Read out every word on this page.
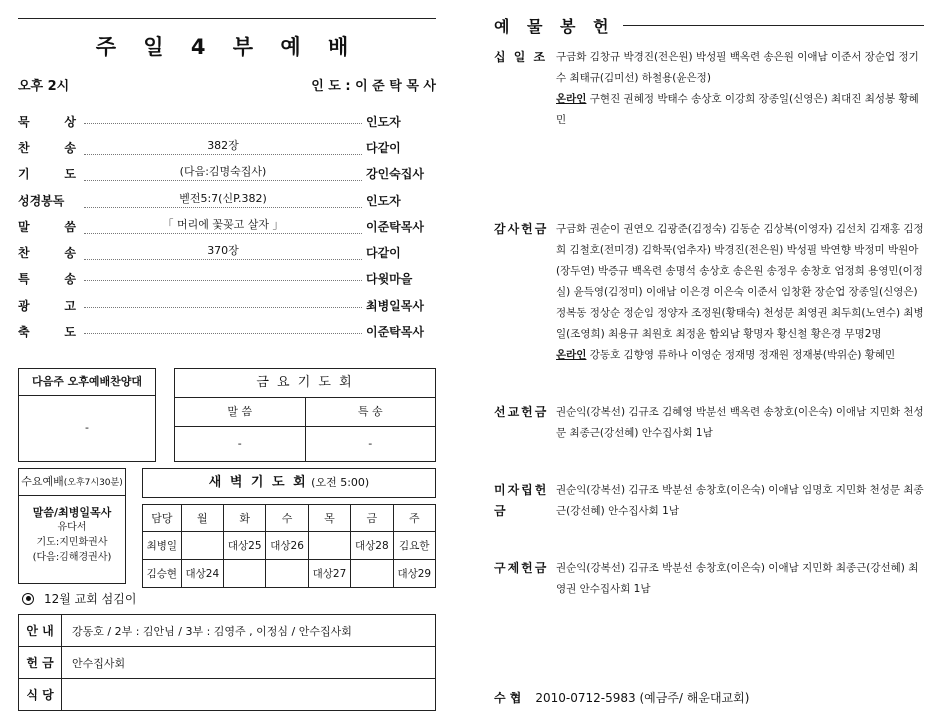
주 일 4 부 예 배
오후 2시	인 도 : 이 준 탁 목 사
묵	상	인도자
찬	송	382장	다같이
기	도	(다음:김명숙집사)	강인숙집사
성경봉독	벧전5:7(신P.382)	인도자
말	씀	「 머리에 꽃꽂고 살자 」	이준탁목사
찬	송	370장	다같이
특	송	다윗마을
광	고	최병일목사
축	도	이준탁목사
다음주 오후예배찬양대
-
금 요 기 도 회
말 씀	특 송
-	-
수요예배(오후7시30분)
말씀/최병일목사
유다서
기도:지민화권사
(다음:김해경권사)
새 벽 기 도 회 (오전 5:00)
담당	월	화	수	목	금	주
최병일		대상25	대상26		대상28	김요한
김승현	대상24			대상27		대상29
12월 교회 섬김이
안 내	강동호 / 2부 : 김안님 / 3부 : 김영주 , 이정심 / 안수집사회
헌 금	안수집사회
식 당	
예 물 봉 헌
십 일 조 구금화 김창규 박경진(전은원) 박성필 백옥련 송은원 이애남 이준서 장순업 정기수 최태규(김미선) 하철용(윤은정)
온라인 구현진 권혜정 박태수 송상호 이강희 장종일(신영은) 최대진 최성봉 황혜민
감사헌금 구금화 권순이 권연오 김광준(김정숙) 김동순 김상복(이영자) 김선치 김재홍 김정희 김철호(전미경) 김학묵(엄추자) 박경진(전은원) 박성필 박연향 박정미 박원아(장두연) 박증규 백옥련 송명석 송상호 송은원 송정우 송창호 엄정희 용영민(이정실) 윤득영(김정미) 이애남 이은경 이은숙 이준서 임창환 장순업 장종일(신영은) 정복동 정상순 정순임 정양자 조정원(황태숙) 천성문 최영권 최두희(노연수) 최병일(조영희) 최용규 최원호 최정윤 함외남 황명자 황신철 황은경 무명2명
온라인 강동호 김향영 류하나 이영순 정재명 정재원 정재봉(박위순) 황혜민
선교헌금 권순익(강복선) 김규조 김혜영 박분선 백옥련 송창호(이은숙) 이애남 지민화 천성문 최종근(강선혜) 안수집사회 1남
미자립헌금
권순익(강복선) 김규조 박분선 송창호(이은숙) 이애남 임명호 지민화 천성문 최종근(강선혜) 안수집사회 1남
구제헌금 권순익(강복선) 김규조 박분선 송창호(이은숙) 이애남 지민화 최종근(강선혜) 최영권 안수집사회 1남
수 협 2010-0712-5983 (예금주/ 해운대교회)
